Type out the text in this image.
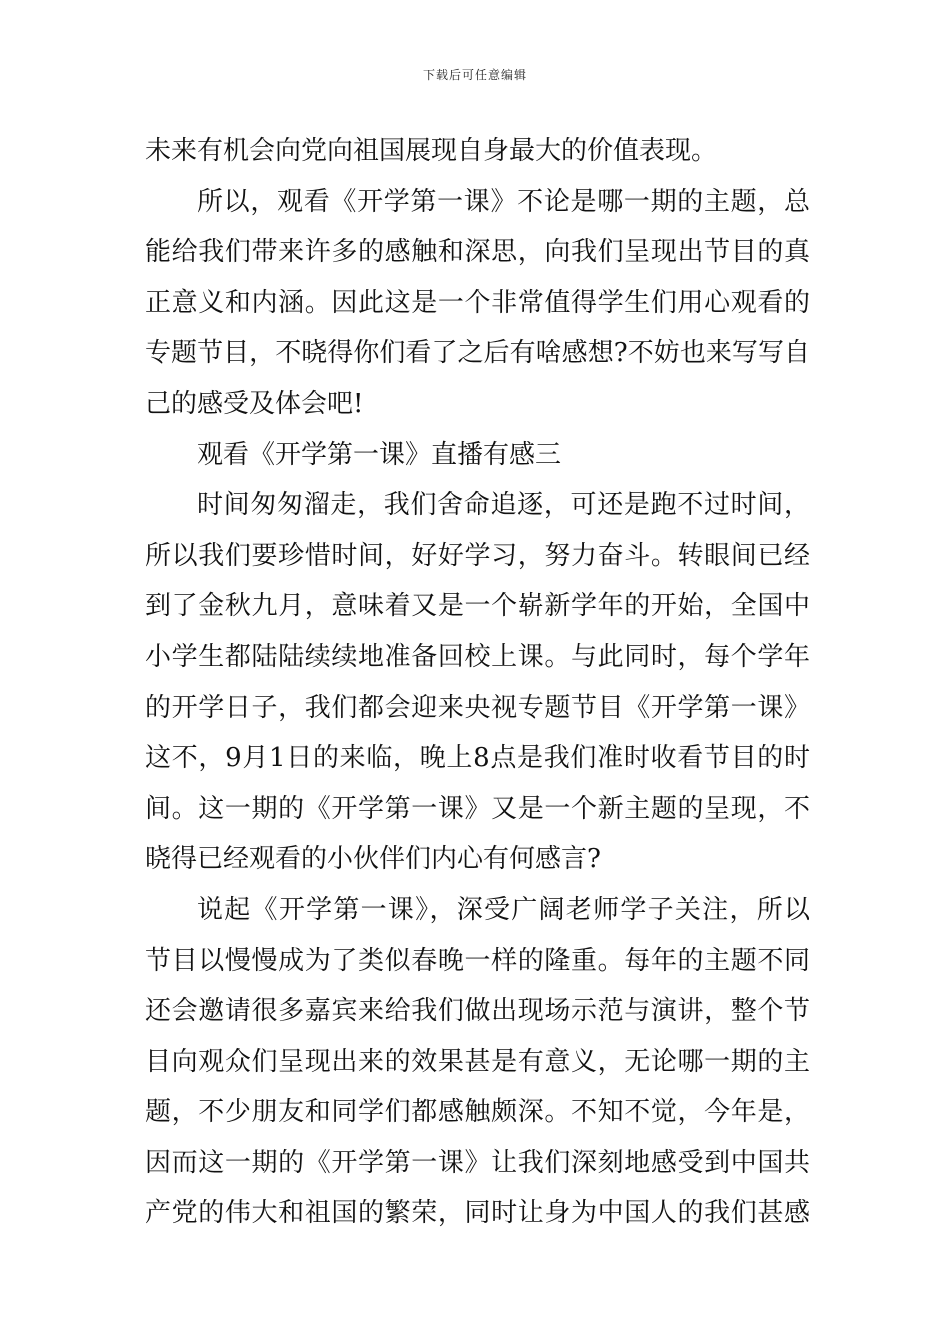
下载后可任意编辑
未来有机会向党向祖国展现自身最大的价值表现。
所以，观看《开学第一课》不论是哪一期的主题，总
能给我们带来许多的感触和深思，向我们呈现出节目的真
正意义和内涵。因此这是一个非常值得学生们用心观看的
专题节目，不晓得你们看了之后有啥感想?不妨也来写写自
己的感受及体会吧!
观看《开学第一课》直播有感三
时间匆匆溜走，我们舍命追逐，可还是跑不过时间，
所以我们要珍惜时间，好好学习，努力奋斗。转眼间已经
到了金秋九月，意味着又是一个崭新学年的开始，全国中
小学生都陆陆续续地准备回校上课。与此同时，每个学年
的开学日子，我们都会迎来央视专题节目《开学第一课》
这不，9月1日的来临，晚上8点是我们准时收看节目的时
间。这一期的《开学第一课》又是一个新主题的呈现，不
晓得已经观看的小伙伴们内心有何感言?
说起《开学第一课》，深受广阔老师学子关注，所以
节目以慢慢成为了类似春晚一样的隆重。每年的主题不同
还会邀请很多嘉宾来给我们做出现场示范与演讲，整个节
目向观众们呈现出来的效果甚是有意义，无论哪一期的主
题，不少朋友和同学们都感触颇深。不知不觉，今年是，
因而这一期的《开学第一课》让我们深刻地感受到中国共
产党的伟大和祖国的繁荣，同时让身为中国人的我们甚感
